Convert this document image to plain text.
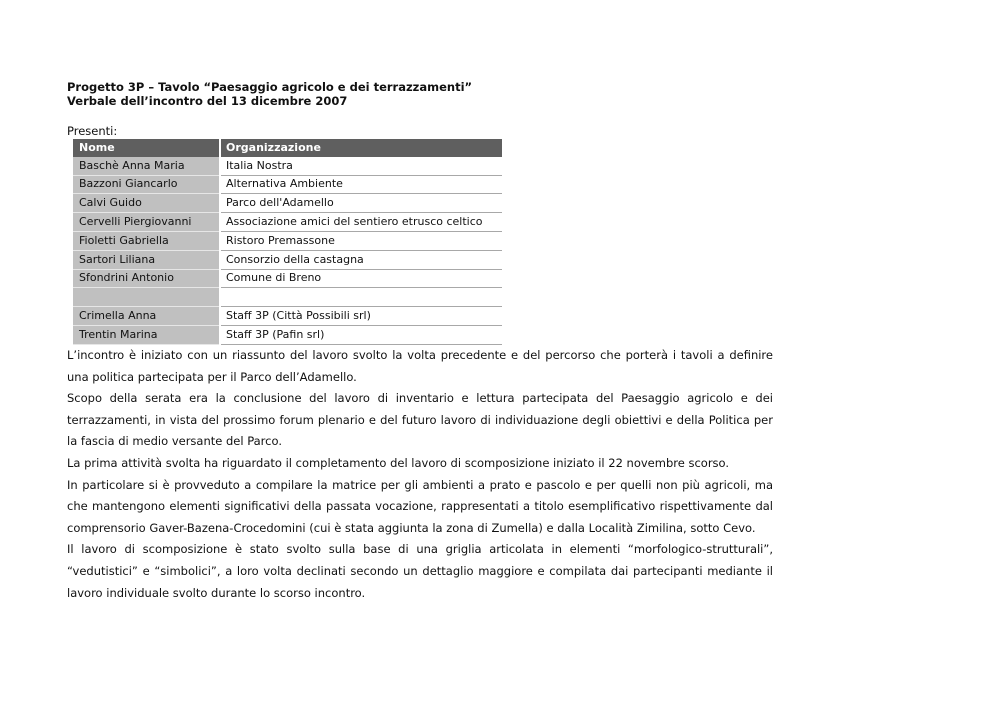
Progetto 3P – Tavolo “Paesaggio agricolo e dei terrazzamenti”
Verbale dell’incontro del 13 dicembre 2007
Presenti:
Nome	Organizzazione
Baschè Anna Maria	Italia Nostra
Bazzoni Giancarlo	Alternativa Ambiente
Calvi Guido	Parco dell'Adamello
Cervelli Piergiovanni	Associazione amici del sentiero etrusco celtico
Fioletti Gabriella	Ristoro Premassone
Sartori Liliana	Consorzio della castagna
Sfondrini Antonio	Comune di Breno

Crimella Anna	Staff 3P (Città Possibili srl)
Trentin Marina	Staff 3P (Pafin srl)

L’incontro è iniziato con un riassunto del lavoro svolto la volta precedente e del percorso che porterà i tavoli a definire una politica partecipata per il Parco dell’Adamello.

Scopo della serata era la conclusione del lavoro di inventario e lettura partecipata del Paesaggio agricolo e dei terrazzamenti, in vista del prossimo forum plenario e del futuro lavoro di individuazione degli obiettivi e della Politica per la fascia di medio versante del Parco.

La prima attività svolta ha riguardato il completamento del lavoro di scomposizione iniziato il 22 novembre scorso.

In particolare si è provveduto a compilare la matrice per gli ambienti a prato e pascolo e per quelli non più agricoli, ma che mantengono elementi significativi della passata vocazione, rappresentati a titolo esemplificativo rispettivamente dal comprensorio Gaver-Bazena-Crocedomini (cui è stata aggiunta la zona di Zumella) e dalla Località Zimilina, sotto Cevo.

Il lavoro di scomposizione è stato svolto sulla base di una griglia articolata in elementi “morfologico-strutturali”, “vedutistici” e “simbolici”, a loro volta declinati secondo un dettaglio maggiore e compilata dai partecipanti mediante il lavoro individuale svolto durante lo scorso incontro.
